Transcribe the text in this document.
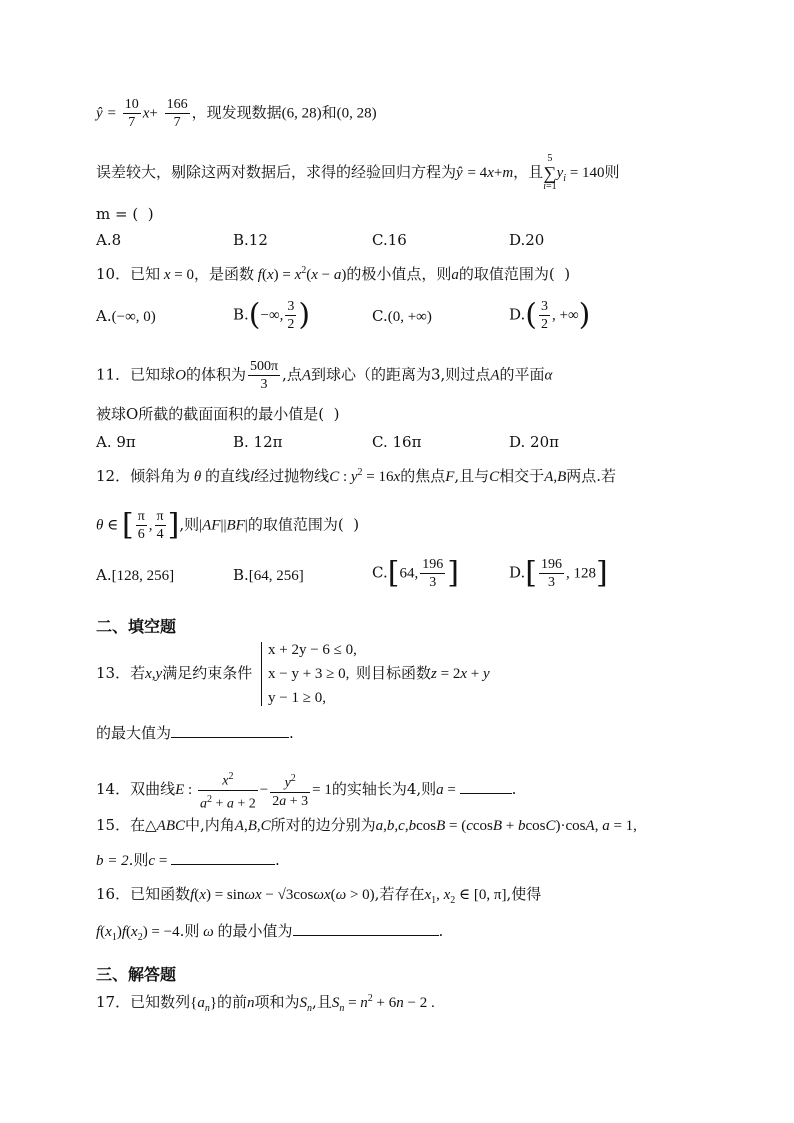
ŷ = $\frac{10}{7} x+ \frac{166}{7}$ ，现发现数据(6, 28)和(0, 28)
误差较大，剔除这两对数据后，求得的经验回归方程为ŷ = 4x+m，且
5
∑
i=1
$y_i = 140$则
m = (  )
A.8	B.12	C.16	D.20
10．已知 x = 0，是函数 $f(x) = x^2(x - a)$的极小值点，则a的取值范围为(  )
A.(−∞, 0)	B.(−∞, $\frac{3}{2}$ )	C.(0, +∞)	$D.( \frac{3}{2}$ , +∞)
11．已知球O的体积为 $\frac{500\pi}{3}$ ,点A到球心（的距离为3,则过点A的平面α
被球O所截的截面面积的最小值是(  )
A. 9π	B. 12π	C. 16π	D. 20π
12．倾斜角为 θ 的直线l经过抛物线C : $y^2 = 16x$的焦点F,且与C相交于A,B两点.若
θ ∈ [ $\frac{\pi}{6}$ , $\frac{\pi}{4}$ ],则|AF||BF|的取值范围为(  )
A.[128, 256]	B.[64, 256]	C.[64, $\frac{196}{3}$ ]	$D.[ \frac{196}{3}$ , 128]
二、填空题
13．若x,y满足约束条件
x + 2y − 6 ≤ 0,
x − y + 3 ≥ 0,
y − 1 ≥ 0,
则目标函数z = 2x + y
的最大值为	.
14．双曲线E : $\frac{x^2}{a^2 + a + 2} - \frac{y^2}{2a + 3} = 1$的实轴长为4,则a =	.
15．在△ABC中,内角A,B,C所对的边分别为a,b,c,bcosB = (ccosB + bcosC)·cosA, a = 1,
b = 2.则c =	.
16．已知函数f(x) = sinωx − √3cosωx(ω > 0),若存在$x_1$, $x_2$ ∈ [0, π],使得
$f(x_1)f(x_2) = -4$.则 ω 的最小值为	.
三、解答题
17．已知数列$\{a_n\}$的前n项和为$S_n$,且$S_n = n^2 + 6n - 2$ .
